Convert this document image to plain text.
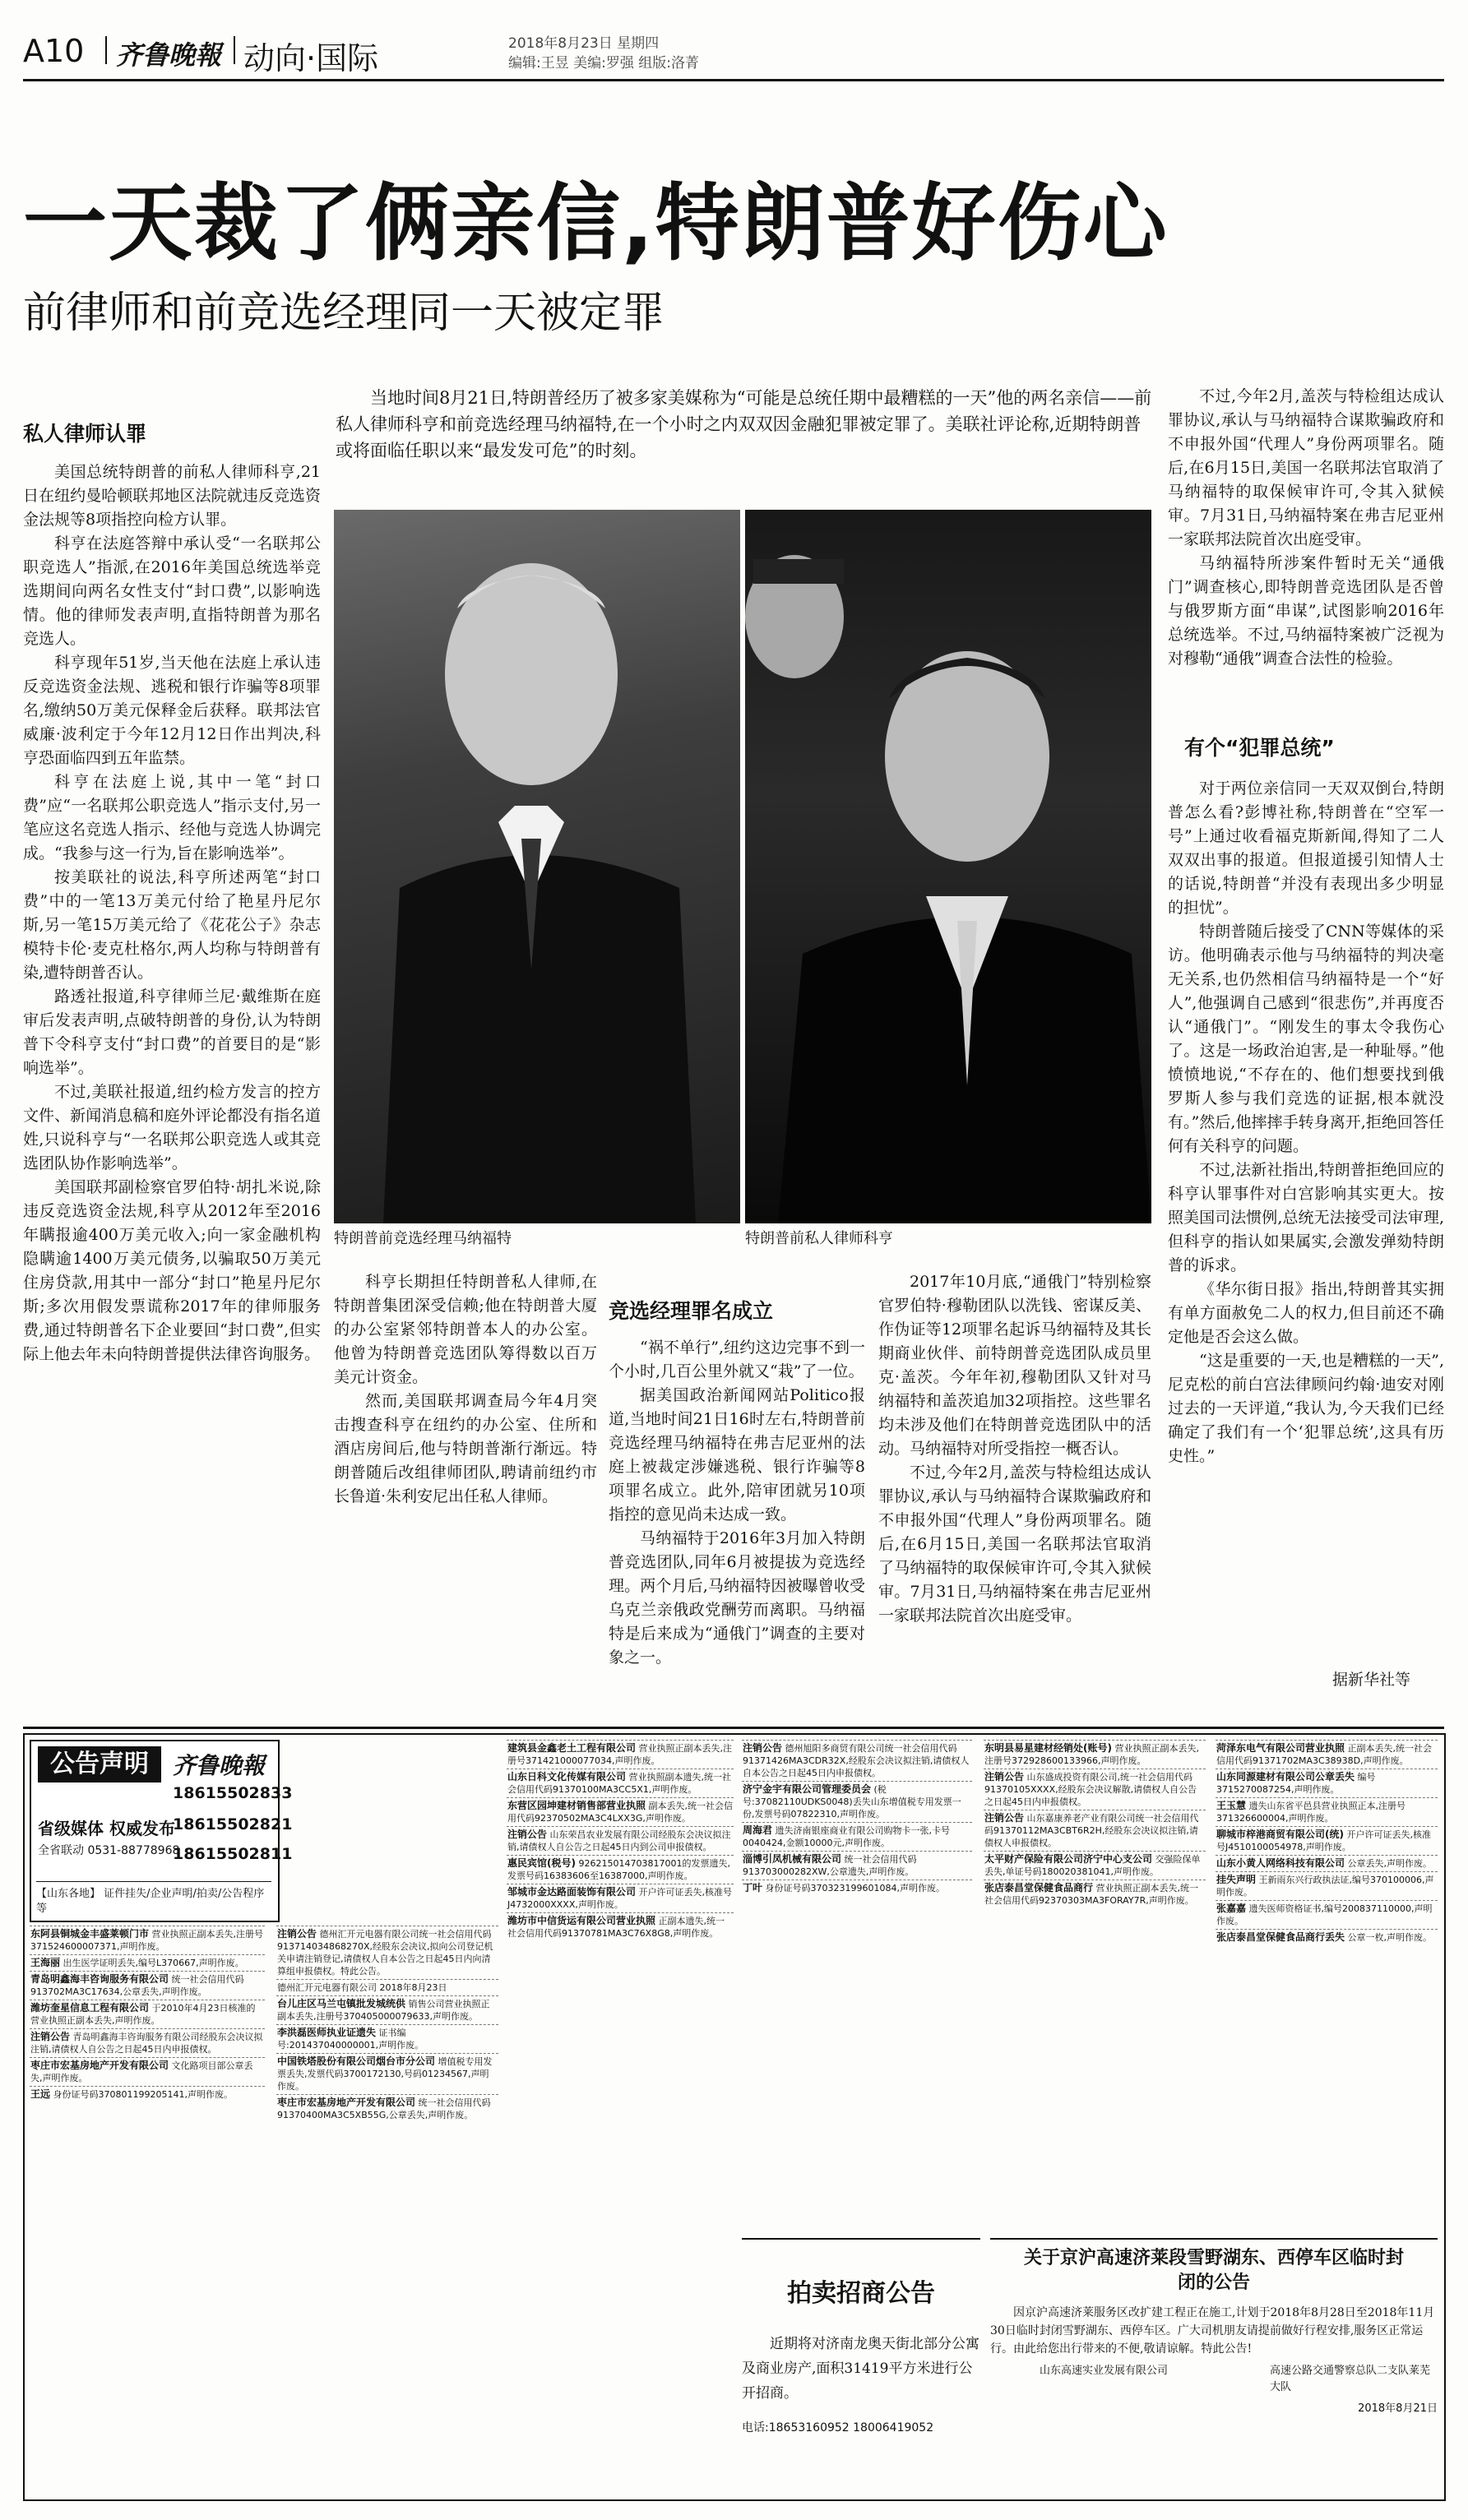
A10 齐鲁晚報 动向·国际	2018年8月23日 星期四
编辑:王昱 美编:罗强 组版:洛菁
一天裁了俩亲信,特朗普好伤心
前律师和前竞选经理同一天被定罪
当地时间8月21日,特朗普经历了被多家美媒称为“可能是总统任期中最糟糕的一天”他的两名亲信——前私人律师科亨和前竞选经理马纳福特,在一个小时之内双双因金融犯罪被定罪了。美联社评论称,近期特朗普或将面临任职以来“最发发可危”的时刻。
特朗普前竞选经理马纳福特	特朗普前私人律师科亨
私人律师认罪

美国总统特朗普的前私人律师科亨,21日在纽约曼哈顿联邦地区法院就违反竞选资金法规等8项指控向检方认罪。

科亨在法庭答辩中承认受“一名联邦公职竞选人”指派,在2016年美国总统选举竞选期间向两名女性支付“封口费”,以影响选情。他的律师发表声明,直指特朗普为那名竞选人。

科亨现年51岁,当天他在法庭上承认违反竞选资金法规、逃税和银行诈骗等8项罪名,缴纳50万美元保释金后获释。联邦法官威廉·波利定于今年12月12日作出判决,科亨恐面临四到五年监禁。

科亨在法庭上说,其中一笔“封口费”应“一名联邦公职竞选人”指示支付,另一笔应这名竞选人指示、经他与竞选人协调完成。“我参与这一行为,旨在影响选举”。

按美联社的说法,科亨所述两笔“封口费”中的一笔13万美元付给了艳星丹尼尔斯,另一笔15万美元给了《花花公子》杂志模特卡伦·麦克杜格尔,两人均称与特朗普有染,遭特朗普否认。

路透社报道,科亨律师兰尼·戴维斯在庭审后发表声明,点破特朗普的身份,认为特朗普下令科亨支付“封口费”的首要目的是“影响选举”。

不过,美联社报道,纽约检方发言的控方文件、新闻消息稿和庭外评论都没有指名道姓,只说科亨与“一名联邦公职竞选人或其竞选团队协作影响选举”。

美国联邦副检察官罗伯特·胡扎米说,除违反竞选资金法规,科亨从2012年至2016年瞒报逾400万美元收入;向一家金融机构隐瞒逾1400万美元债务,以骗取50万美元住房贷款,用其中一部分“封口”艳星丹尼尔斯;多次用假发票谎称2017年的律师服务费,通过特朗普名下企业要回“封口费”,但实际上他去年未向特朗普提供法律咨询服务。

科亨长期担任特朗普私人律师,在特朗普集团深受信赖;他在特朗普大厦的办公室紧邻特朗普本人的办公室。他曾为特朗普竞选团队筹得数以百万美元计资金。

然而,美国联邦调查局今年4月突击搜查科亨在纽约的办公室、住所和酒店房间后,他与特朗普渐行渐远。特朗普随后改组律师团队,聘请前纽约市长鲁道·朱利安尼出任私人律师。

竞选经理罪名成立

“祸不单行”,纽约这边完事不到一个小时,几百公里外就又“栽”了一位。

据美国政治新闻网站Politico报道,当地时间21日16时左右,特朗普前竞选经理马纳福特在弗吉尼亚州的法庭上被裁定涉嫌逃税、银行诈骗等8项罪名成立。此外,陪审团就另10项指控的意见尚未达成一致。

马纳福特于2016年3月加入特朗普竞选团队,同年6月被提拔为竞选经理。两个月后,马纳福特因被曝曾收受乌克兰亲俄政党酬劳而离职。马纳福特是后来成为“通俄门”调查的主要对象之一。

2017年10月底,“通俄门”特别检察官罗伯特·穆勒团队以洗钱、密谋反美、作伪证等12项罪名起诉马纳福特及其长期商业伙伴、前特朗普竞选团队成员里克·盖茨。今年年初,穆勒团队又针对马纳福特和盖茨追加32项指控。这些罪名均未涉及他们在特朗普竞选团队中的活动。马纳福特对所受指控一概否认。

不过,今年2月,盖茨与特检组达成认罪协议,承认与马纳福特合谋欺骗政府和不申报外国“代理人”身份两项罪名。随后,在6月15日,美国一名联邦法官取消了马纳福特的取保候审许可,令其入狱候审。7月31日,马纳福特案在弗吉尼亚州一家联邦法院首次出庭受审。

不过,今年2月,盖茨与特检组达成认罪协议,承认与马纳福特合谋欺骗政府和不申报外国“代理人”身份两项罪名。随后,在6月15日,美国一名联邦法官取消了马纳福特的取保候审许可,令其入狱候审。7月31日,马纳福特案在弗吉尼亚州一家联邦法院首次出庭受审。

马纳福特所涉案件暂时无关“通俄门”调查核心,即特朗普竞选团队是否曾与俄罗斯方面“串谋”,试图影响2016年总统选举。不过,马纳福特案被广泛视为对穆勒“通俄”调查合法性的检验。

有个“犯罪总统”

对于两位亲信同一天双双倒台,特朗普怎么看?彭博社称,特朗普在“空军一号”上通过收看福克斯新闻,得知了二人双双出事的报道。但报道援引知情人士的话说,特朗普“并没有表现出多少明显的担忧”。

特朗普随后接受了CNN等媒体的采访。他明确表示他与马纳福特的判决毫无关系,也仍然相信马纳福特是一个“好人”,他强调自己感到“很悲伤”,并再度否认“通俄门”。“刚发生的事太令我伤心了。这是一场政治迫害,是一种耻辱。”他愤愤地说,“不存在的、他们想要找到俄罗斯人参与我们竞选的证据,根本就没有。”然后,他摔摔手转身离开,拒绝回答任何有关科亨的问题。

不过,法新社指出,特朗普拒绝回应的科亨认罪事件对白宫影响其实更大。按照美国司法惯例,总统无法接受司法审理,但科亨的指认如果属实,会激发弹劾特朗普的诉求。

《华尔街日报》指出,特朗普其实拥有单方面赦免二人的权力,但目前还不确定他是否会这么做。

“这是重要的一天,也是糟糕的一天”,尼克松的前白宫法律顾问约翰·迪安对刚过去的一天评道,“我认为,今天我们已经确定了我们有一个‘犯罪总统’,这具有历史性。”

据新华社等
公告声明	齐鲁晚報
18615502833
省级媒体 权威发布
18615502821
全省联动 0531-88778968
18615502811
【山东各地】 证件挂失/企业声明/拍卖/公告程序等
东阿县铜城金丰盛莱顿门市 营业执照正副本丢失,注册号371524600007371,声明作废。
王海丽 出生医学证明丢失,编号L370667,声明作废。
青岛明鑫海丰咨询服务有限公司 统一社会信用代码913702MA3C17634,公章丢失,声明作废。
潍坊奎星信息工程有限公司 于2010年4月23日核准的营业执照正副本丢失,声明作废。
注销公告 青岛明鑫海丰咨询服务有限公司经股东会决议拟注销,请债权人自公告之日起45日内申报债权。
枣庄市宏基房地产开发有限公司 文化路项目部公章丢失,声明作废。
王远 身份证号码370801199205141,声明作废。
注销公告 德州汇开元电器有限公司统一社会信用代码913714034868270X,经股东会决议,拟向公司登记机关申请注销登记,请债权人自本公告之日起45日内向清算组申报债权。特此公告。
德州汇开元电器有限公司 2018年8月23日
台儿庄区马兰屯镇批发城统供 销售公司营业执照正副本丢失,注册号370405000079633,声明作废。
李洪磊医师执业证遗失 证书编号:201437040000001,声明作废。
中国铁塔股份有限公司烟台市分公司 增值税专用发票丢失,发票代码3700172130,号码01234567,声明作废。
枣庄市宏基房地产开发有限公司 统一社会信用代码91370400MA3C5XB55G,公章丢失,声明作废。
建筑县金鑫老土工程有限公司 营业执照正副本丢失,注册号371421000077034,声明作废。
山东日科文化传媒有限公司 营业执照副本遗失,统一社会信用代码91370100MA3CC5X1,声明作废。
东营区园坤建材销售部营业执照 副本丢失,统一社会信用代码92370502MA3C4LXX3G,声明作废。
注销公告 山东荣昌农业发展有限公司经股东会决议拟注销,请债权人自公告之日起45日内到公司申报债权。
惠民宾馆(税号) 926215014703817001的发票遗失,发票号码16383606至16387000,声明作废。
邹城市金达路面装饰有限公司 开户许可证丢失,核准号J4732000XXXX,声明作废。
潍坊市中信货运有限公司营业执照 正副本遗失,统一社会信用代码91370781MA3C76X8G8,声明作废。
注销公告 德州旭阳多商贸有限公司统一社会信用代码91371426MA3CDR32X,经股东会决议拟注销,请债权人自本公告之日起45日内申报债权。
济宁金宇有限公司管理委员会 (税号:37082110UDKS0048)丢失山东增值税专用发票一份,发票号码07822310,声明作废。
周海君 遗失济南银座商业有限公司购物卡一张,卡号0040424,金额10000元,声明作废。
淄博引凤机械有限公司 统一社会信用代码913703000282XW,公章遗失,声明作废。
丁叶 身份证号码370323199601084,声明作废。
东明县易星建材经销处(账号) 营业执照正副本丢失,注册号372928600133966,声明作废。
注销公告 山东盛成投资有限公司,统一社会信用代码91370105XXXX,经股东会决议解散,请债权人自公告之日起45日内申报债权。
注销公告 山东嘉康养老产业有限公司统一社会信用代码91370112MA3CBT6R2H,经股东会决议拟注销,请债权人申报债权。
太平财产保险有限公司济宁中心支公司 交强险保单丢失,单证号码180020381041,声明作废。
张店泰昌堂保健食品商行 营业执照正副本丢失,统一社会信用代码92370303MA3FORAY7R,声明作废。
菏泽东电气有限公司营业执照 正副本丢失,统一社会信用代码91371702MA3C38938D,声明作废。
山东同源建材有限公司公章丢失 编号3715270087254,声明作废。
王玉慧 遗失山东省平邑县营业执照正本,注册号371326600004,声明作废。
聊城市梓港商贸有限公司(统) 开户许可证丢失,核准号J4510100054978,声明作废。
山东小黄人网络科技有限公司 公章丢失,声明作废。
挂失声明 王新雨东兴行政执法证,编号370100006,声明作废。
张嘉嘉 遗失医师资格证书,编号200837110000,声明作废。
张店泰昌堂保健食品商行丢失 公章一枚,声明作废。
拍卖招商公告
近期将对济南龙奥天街北部分公寓及商业房产,面积31419平方米进行公开招商。
电话:18653160952 18006419052
关于京沪高速济莱段雪野湖东、西停车区临时封闭的公告
因京沪高速济莱服务区改扩建工程正在施工,计划于2018年8月28日至2018年11月30日临时封闭雪野湖东、西停车区。广大司机朋友请提前做好行程安排,服务区正常运行。由此给您出行带来的不便,敬请谅解。特此公告!
山东高速实业发展有限公司	高速公路交通警察总队二支队莱芜大队
2018年8月21日
